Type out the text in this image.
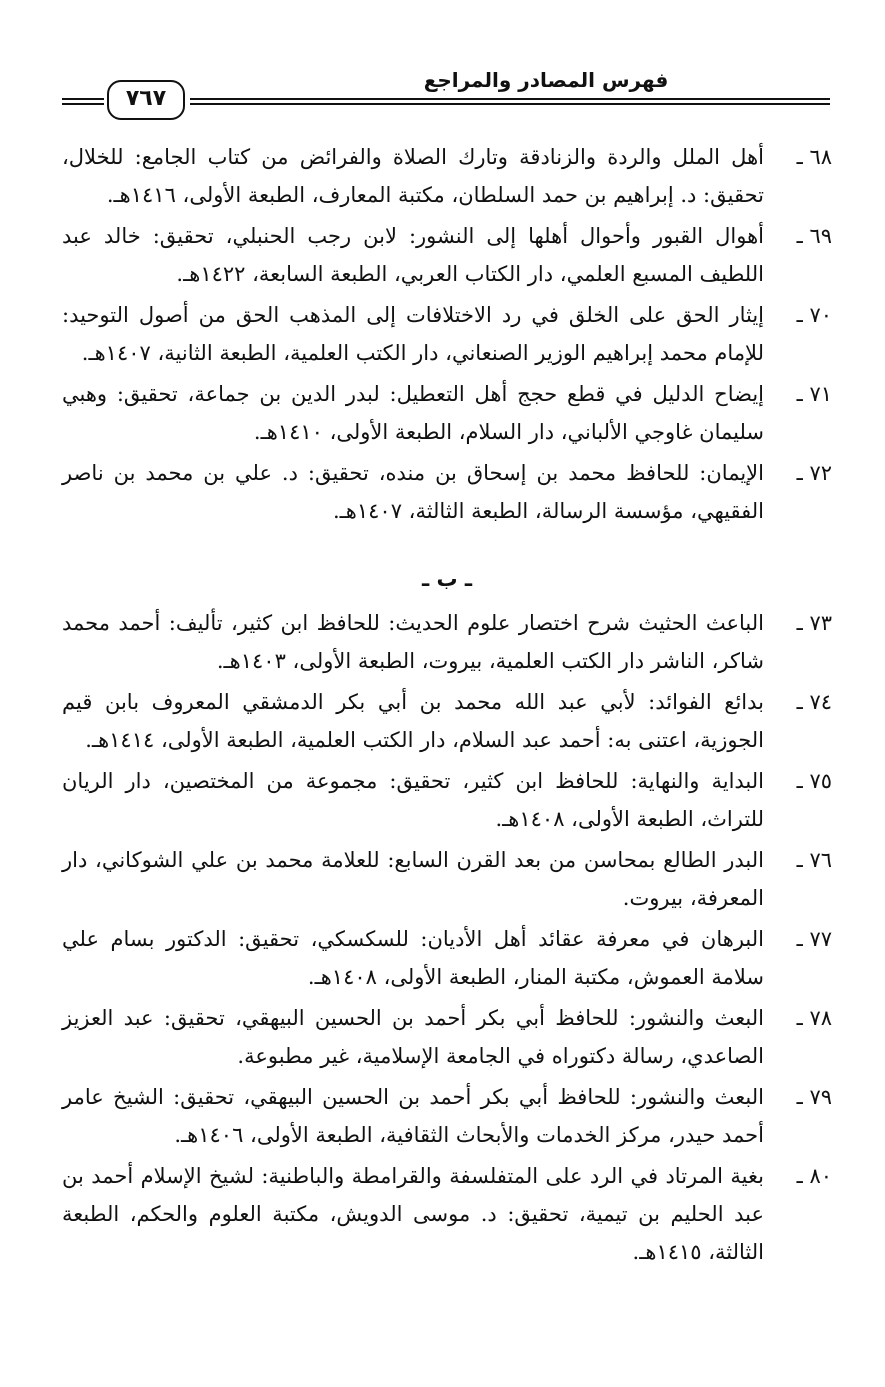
فهرس المصادر والمراجع
٧٦٧
٦٨ ـ
أهل الملل والردة والزنادقة وتارك الصلاة والفرائض من كتاب الجامع: للخلال، تحقيق: د. إبراهيم بن حمد السلطان، مكتبة المعارف، الطبعة الأولى، ١٤١٦هـ.
٦٩ ـ
أهوال القبور وأحوال أهلها إلى النشور: لابن رجب الحنبلي، تحقيق: خالد عبد اللطيف المسبع العلمي، دار الكتاب العربي، الطبعة السابعة، ١٤٢٢هـ.
٧٠ ـ
إيثار الحق على الخلق في رد الاختلافات إلى المذهب الحق من أصول التوحيد: للإمام محمد إبراهيم الوزير الصنعاني، دار الكتب العلمية، الطبعة الثانية، ١٤٠٧هـ.
٧١ ـ
إيضاح الدليل في قطع حجج أهل التعطيل: لبدر الدين بن جماعة، تحقيق: وهبي سليمان غاوجي الألباني، دار السلام، الطبعة الأولى، ١٤١٠هـ.
٧٢ ـ
الإيمان: للحافظ محمد بن إسحاق بن منده، تحقيق: د. علي بن محمد بن ناصر الفقيهي، مؤسسة الرسالة، الطبعة الثالثة، ١٤٠٧هـ.
ـ ب ـ
٧٣ ـ
الباعث الحثيث شرح اختصار علوم الحديث: للحافظ ابن كثير، تأليف: أحمد محمد شاكر، الناشر دار الكتب العلمية، بيروت، الطبعة الأولى، ١٤٠٣هـ.
٧٤ ـ
بدائع الفوائد: لأبي عبد الله محمد بن أبي بكر الدمشقي المعروف بابن قيم الجوزية، اعتنى به: أحمد عبد السلام، دار الكتب العلمية، الطبعة الأولى، ١٤١٤هـ.
٧٥ ـ
البداية والنهاية: للحافظ ابن كثير، تحقيق: مجموعة من المختصين، دار الريان للتراث، الطبعة الأولى، ١٤٠٨هـ.
٧٦ ـ
البدر الطالع بمحاسن من بعد القرن السابع: للعلامة محمد بن علي الشوكاني، دار المعرفة، بيروت.
٧٧ ـ
البرهان في معرفة عقائد أهل الأديان: للسكسكي، تحقيق: الدكتور بسام علي سلامة العموش، مكتبة المنار، الطبعة الأولى، ١٤٠٨هـ.
٧٨ ـ
البعث والنشور: للحافظ أبي بكر أحمد بن الحسين البيهقي، تحقيق: عبد العزيز الصاعدي، رسالة دكتوراه في الجامعة الإسلامية، غير مطبوعة.
٧٩ ـ
البعث والنشور: للحافظ أبي بكر أحمد بن الحسين البيهقي، تحقيق: الشيخ عامر أحمد حيدر، مركز الخدمات والأبحاث الثقافية، الطبعة الأولى، ١٤٠٦هـ.
٨٠ ـ
بغية المرتاد في الرد على المتفلسفة والقرامطة والباطنية: لشيخ الإسلام أحمد بن عبد الحليم بن تيمية، تحقيق: د. موسى الدويش، مكتبة العلوم والحكم، الطبعة الثالثة، ١٤١٥هـ.
